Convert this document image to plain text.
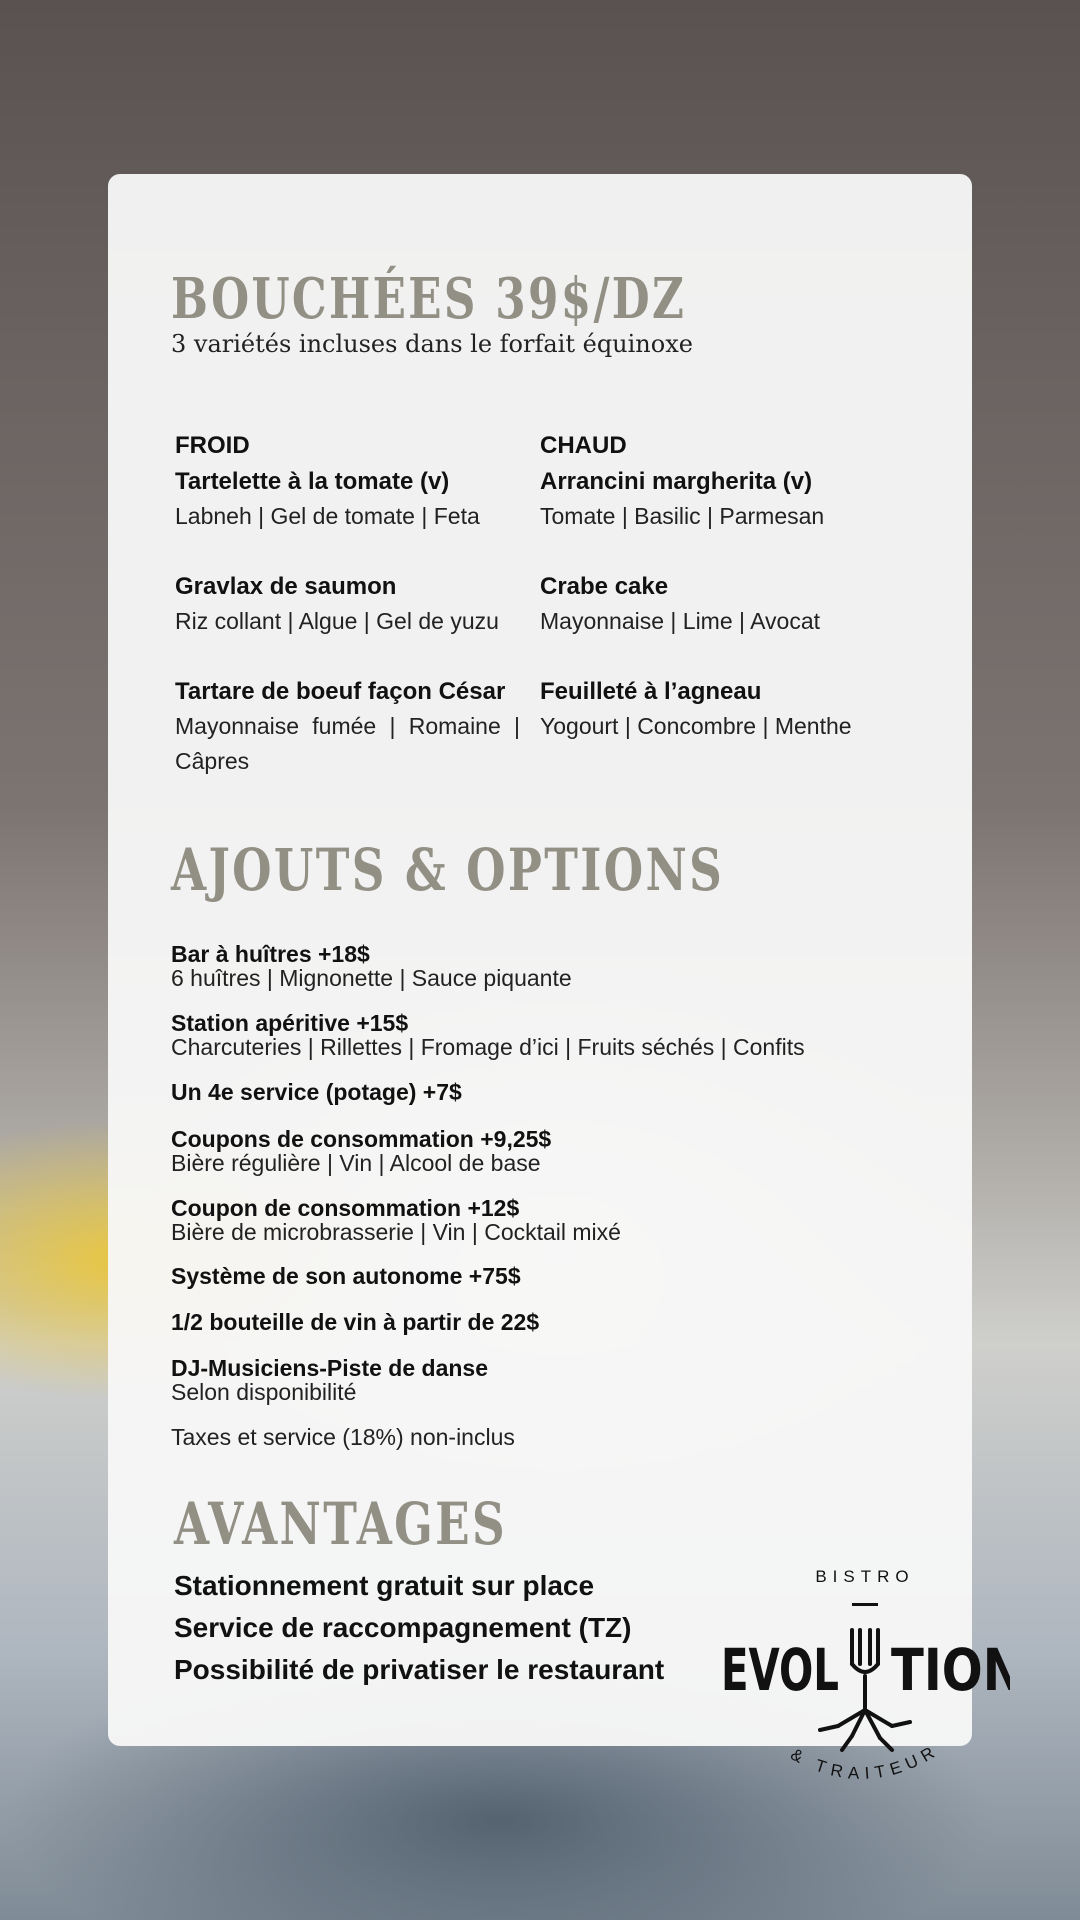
BOUCHÉES 39$/DZ
3 variétés incluses dans le forfait équinoxe
FROID	CHAUD
Tartelette à la tomate (v)
Labneh | Gel de tomate | Feta
Gravlax de saumon
Riz collant | Algue | Gel de yuzu
Tartare de boeuf façon César
Mayonnaise fumée | Romaine | Câpres
Arrancini margherita (v)
Tomate | Basilic | Parmesan
Crabe cake
Mayonnaise | Lime | Avocat
Feuilleté à l’agneau
Yogourt | Concombre | Menthe
AJOUTS & OPTIONS
Bar à huîtres +18$
6 huîtres | Mignonette | Sauce piquante
Station apéritive +15$
Charcuteries | Rillettes | Fromage d’ici | Fruits séchés | Confits
Un 4e service (potage) +7$
Coupons de consommation +9,25$
Bière régulière | Vin | Alcool de base
Coupon de consommation +12$
Bière de microbrasserie | Vin | Cocktail mixé
Système de son autonome +75$
1/2 bouteille de vin à partir de 22$
DJ-Musiciens-Piste de danse
Selon disponibilité
Taxes et service (18%) non-inclus
AVANTAGES
Stationnement gratuit sur place
Service de raccompagnement (TZ)
Possibilité de privatiser le restaurant
BISTRO
EVOL TION
& TRAITEUR
